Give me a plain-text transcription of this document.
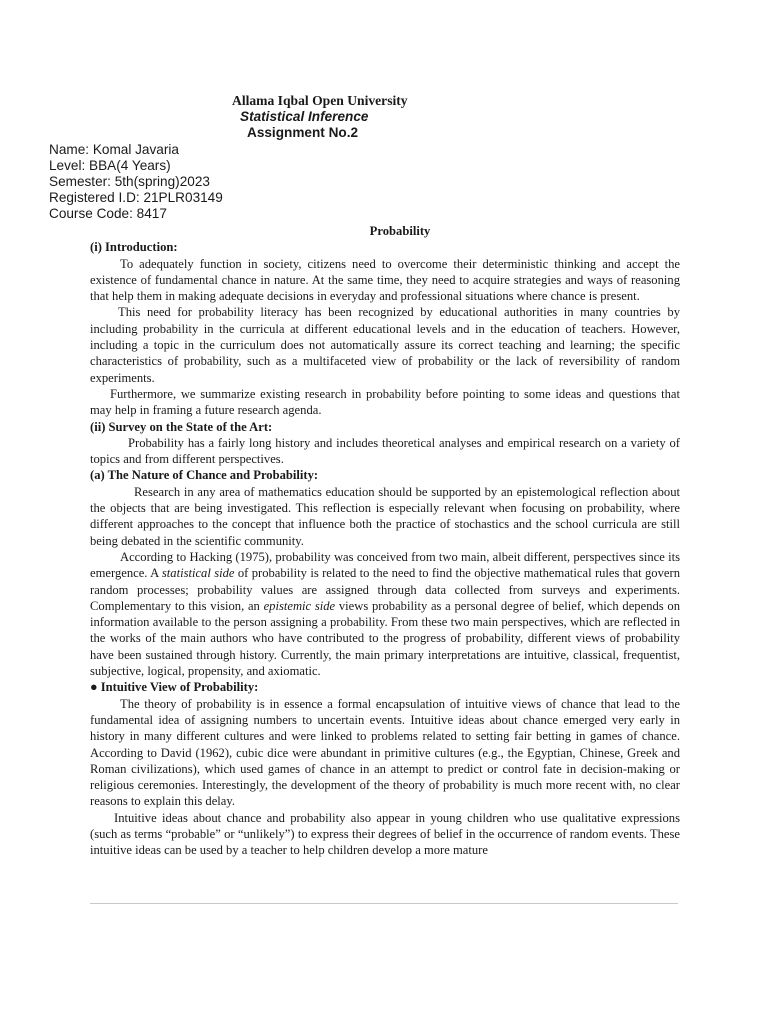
Allama Iqbal Open University
Statistical Inference
Assignment No.2
Name: Komal Javaria
Level: BBA(4 Years)
Semester: 5th(spring)2023
Registered I.D: 21PLR03149
Course Code: 8417

Probability

(i) Introduction:

To adequately function in society, citizens need to overcome their deterministic thinking and accept the existence of fundamental chance in nature. At the same time, they need to acquire strategies and ways of reasoning that help them in making adequate decisions in everyday and professional situations where chance is present.

This need for probability literacy has been recognized by educational authorities in many countries by including probability in the curricula at different educational levels and in the education of teachers. However, including a topic in the curriculum does not automatically assure its correct teaching and learning; the specific characteristics of probability, such as a multifaceted view of probability or the lack of reversibility of random experiments.

Furthermore, we summarize existing research in probability before pointing to some ideas and questions that may help in framing a future research agenda.

(ii) Survey on the State of the Art:

Probability has a fairly long history and includes theoretical analyses and empirical research on a variety of topics and from different perspectives.

(a) The Nature of Chance and Probability:

Research in any area of mathematics education should be supported by an epistemological reflection about the objects that are being investigated. This reflection is especially relevant when focusing on probability, where different approaches to the concept that influence both the practice of stochastics and the school curricula are still being debated in the scientific community.

According to Hacking (1975), probability was conceived from two main, albeit different, perspectives since its emergence. A statistical side of probability is related to the need to find the objective mathematical rules that govern random processes; probability values are assigned through data collected from surveys and experiments. Complementary to this vision, an epistemic side views probability as a personal degree of belief, which depends on information available to the person assigning a probability. From these two main perspectives, which are reflected in the works of the main authors who have contributed to the progress of probability, different views of probability have been sustained through history. Currently, the main primary interpretations are intuitive, classical, frequentist, subjective, logical, propensity, and axiomatic.

● Intuitive View of Probability:

The theory of probability is in essence a formal encapsulation of intuitive views of chance that lead to the fundamental idea of assigning numbers to uncertain events. Intuitive ideas about chance emerged very early in history in many different cultures and were linked to problems related to setting fair betting in games of chance. According to David (1962), cubic dice were abundant in primitive cultures (e.g., the Egyptian, Chinese, Greek and Roman civilizations), which used games of chance in an attempt to predict or control fate in decision-making or religious ceremonies. Interestingly, the development of the theory of probability is much more recent with, no clear reasons to explain this delay.

Intuitive ideas about chance and probability also appear in young children who use qualitative expressions (such as terms “probable” or “unlikely”) to express their degrees of belief in the occurrence of random events. These intuitive ideas can be used by a teacher to help children develop a more mature
